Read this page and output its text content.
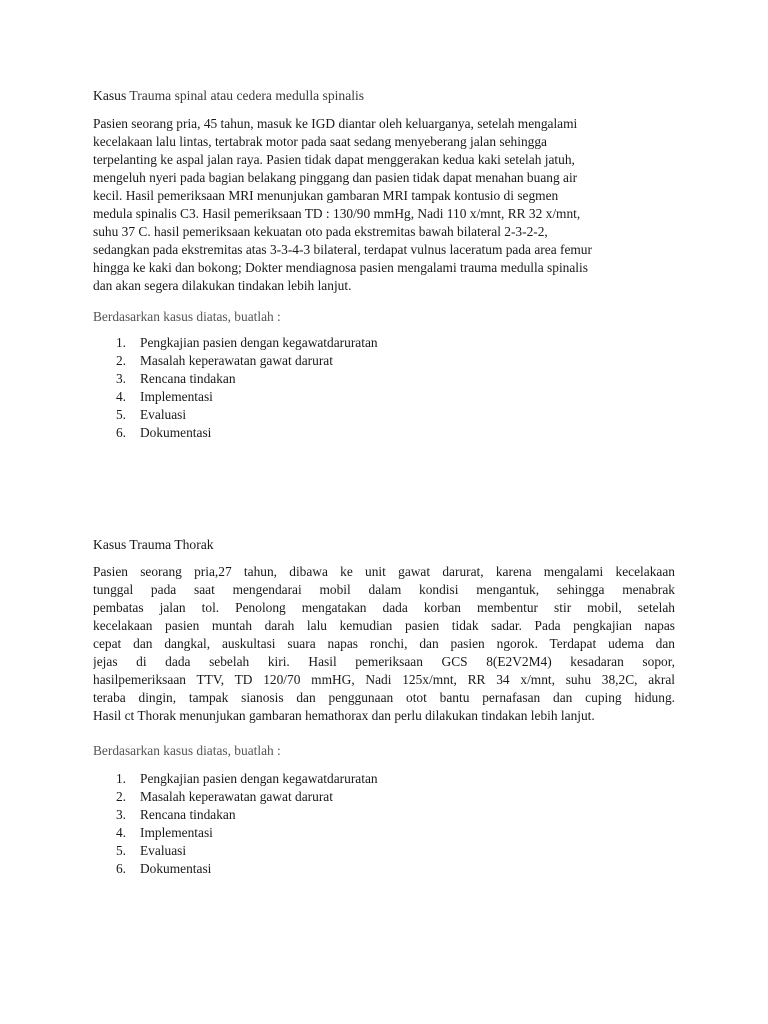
Kasus Trauma spinal atau cedera medulla spinalis
Pasien seorang pria, 45 tahun, masuk ke IGD diantar oleh keluarganya, setelah mengalami
kecelakaan lalu lintas, tertabrak motor pada saat sedang menyeberang jalan sehingga
terpelanting ke aspal jalan raya. Pasien tidak dapat menggerakan kedua kaki setelah jatuh,
mengeluh nyeri pada bagian belakang pinggang dan pasien tidak dapat menahan buang air
kecil. Hasil pemeriksaan MRI menunjukan gambaran MRI tampak kontusio di segmen
medula spinalis C3. Hasil pemeriksaan TD : 130/90 mmHg, Nadi 110 x/mnt, RR 32 x/mnt,
suhu 37 C. hasil pemeriksaan kekuatan oto pada ekstremitas bawah bilateral 2-3-2-2,
sedangkan pada ekstremitas atas 3-3-4-3 bilateral, terdapat vulnus laceratum pada area femur
hingga ke kaki dan bokong; Dokter mendiagnosa pasien mengalami trauma medulla spinalis
dan akan segera dilakukan tindakan lebih lanjut.

Berdasarkan kasus diatas, buatlah :

1. Pengkajian pasien dengan kegawatdaruratan
2. Masalah keperawatan gawat darurat
3. Rencana tindakan
4. Implementasi
5. Evaluasi
6. Dokumentasi
Kasus Trauma Thorak
Pasien seorang pria,27 tahun, dibawa ke unit gawat darurat, karena mengalami kecelakaan
tunggal pada saat mengendarai mobil dalam kondisi mengantuk, sehingga menabrak
pembatas jalan tol. Penolong mengatakan dada korban membentur stir mobil, setelah
kecelakaan pasien muntah darah lalu kemudian pasien tidak sadar. Pada pengkajian napas
cepat dan dangkal, auskultasi suara napas ronchi, dan pasien ngorok. Terdapat udema dan
jejas di dada sebelah kiri. Hasil pemeriksaan GCS 8(E2V2M4) kesadaran sopor,
hasilpemeriksaan TTV, TD 120/70 mmHG, Nadi 125x/mnt, RR 34 x/mnt, suhu 38,2C, akral
teraba dingin, tampak sianosis dan penggunaan otot bantu pernafasan dan cuping hidung.
Hasil ct Thorak menunjukan gambaran hemathorax dan perlu dilakukan tindakan lebih lanjut.

Berdasarkan kasus diatas, buatlah :

1. Pengkajian pasien dengan kegawatdaruratan
2. Masalah keperawatan gawat darurat
3. Rencana tindakan
4. Implementasi
5. Evaluasi
6. Dokumentasi
